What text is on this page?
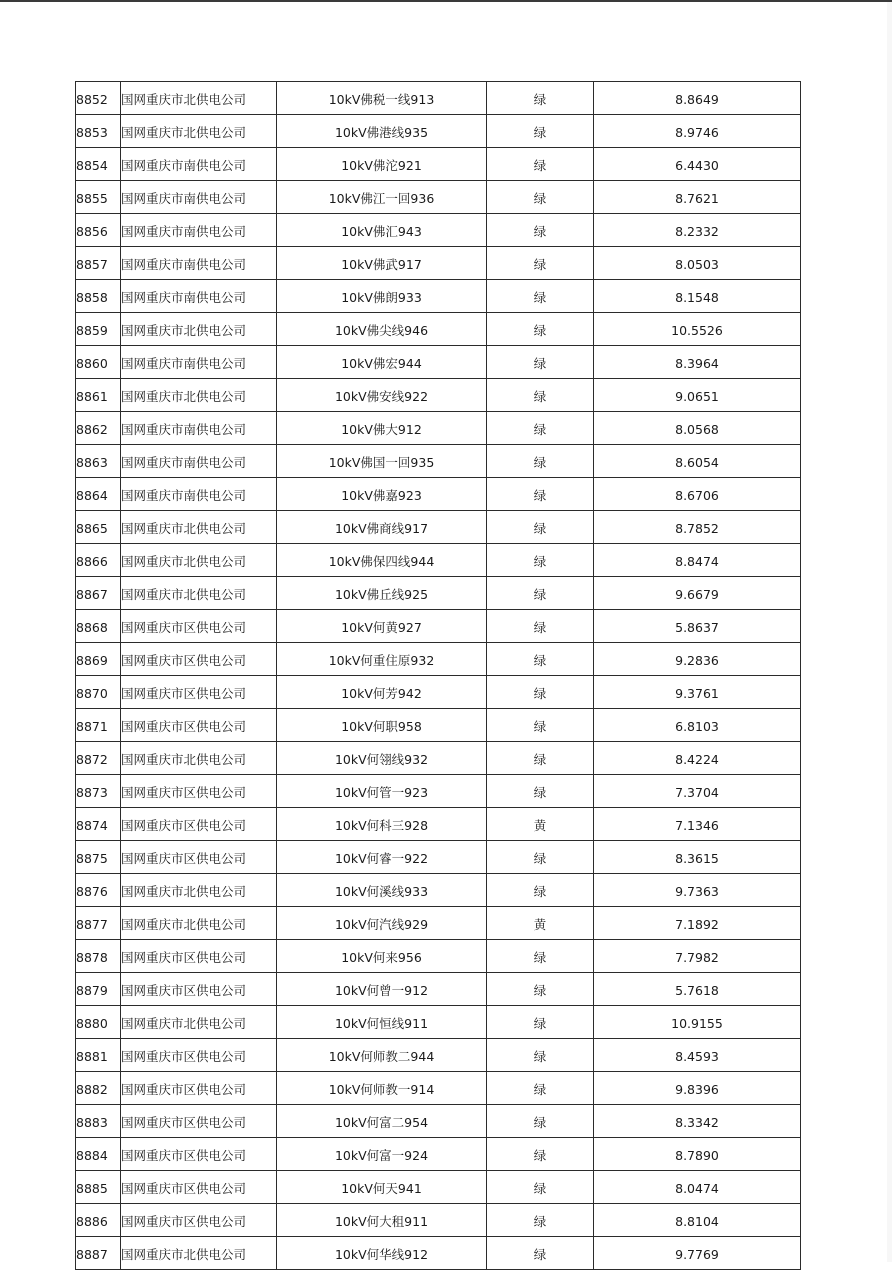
8852	国网重庆市北供电公司	10kV佛税一线913	绿	8.8649
8853	国网重庆市北供电公司	10kV佛港线935	绿	8.9746
8854	国网重庆市南供电公司	10kV佛沱921	绿	6.4430
8855	国网重庆市南供电公司	10kV佛江一回936	绿	8.7621
8856	国网重庆市南供电公司	10kV佛汇943	绿	8.2332
8857	国网重庆市南供电公司	10kV佛武917	绿	8.0503
8858	国网重庆市南供电公司	10kV佛朗933	绿	8.1548
8859	国网重庆市北供电公司	10kV佛尖线946	绿	10.5526
8860	国网重庆市南供电公司	10kV佛宏944	绿	8.3964
8861	国网重庆市北供电公司	10kV佛安线922	绿	9.0651
8862	国网重庆市南供电公司	10kV佛大912	绿	8.0568
8863	国网重庆市南供电公司	10kV佛国一回935	绿	8.6054
8864	国网重庆市南供电公司	10kV佛嘉923	绿	8.6706
8865	国网重庆市北供电公司	10kV佛商线917	绿	8.7852
8866	国网重庆市北供电公司	10kV佛保四线944	绿	8.8474
8867	国网重庆市北供电公司	10kV佛丘线925	绿	9.6679
8868	国网重庆市区供电公司	10kV何黄927	绿	5.8637
8869	国网重庆市区供电公司	10kV何重住原932	绿	9.2836
8870	国网重庆市区供电公司	10kV何芳942	绿	9.3761
8871	国网重庆市区供电公司	10kV何职958	绿	6.8103
8872	国网重庆市北供电公司	10kV何翎线932	绿	8.4224
8873	国网重庆市区供电公司	10kV何管一923	绿	7.3704
8874	国网重庆市区供电公司	10kV何科三928	黄	7.1346
8875	国网重庆市区供电公司	10kV何睿一922	绿	8.3615
8876	国网重庆市北供电公司	10kV何溪线933	绿	9.7363
8877	国网重庆市北供电公司	10kV何汽线929	黄	7.1892
8878	国网重庆市区供电公司	10kV何来956	绿	7.7982
8879	国网重庆市区供电公司	10kV何曾一912	绿	5.7618
8880	国网重庆市北供电公司	10kV何恒线911	绿	10.9155
8881	国网重庆市区供电公司	10kV何师教二944	绿	8.4593
8882	国网重庆市区供电公司	10kV何师教一914	绿	9.8396
8883	国网重庆市区供电公司	10kV何富二954	绿	8.3342
8884	国网重庆市区供电公司	10kV何富一924	绿	8.7890
8885	国网重庆市区供电公司	10kV何天941	绿	8.0474
8886	国网重庆市区供电公司	10kV何大租911	绿	8.8104
8887	国网重庆市北供电公司	10kV何华线912	绿	9.7769
